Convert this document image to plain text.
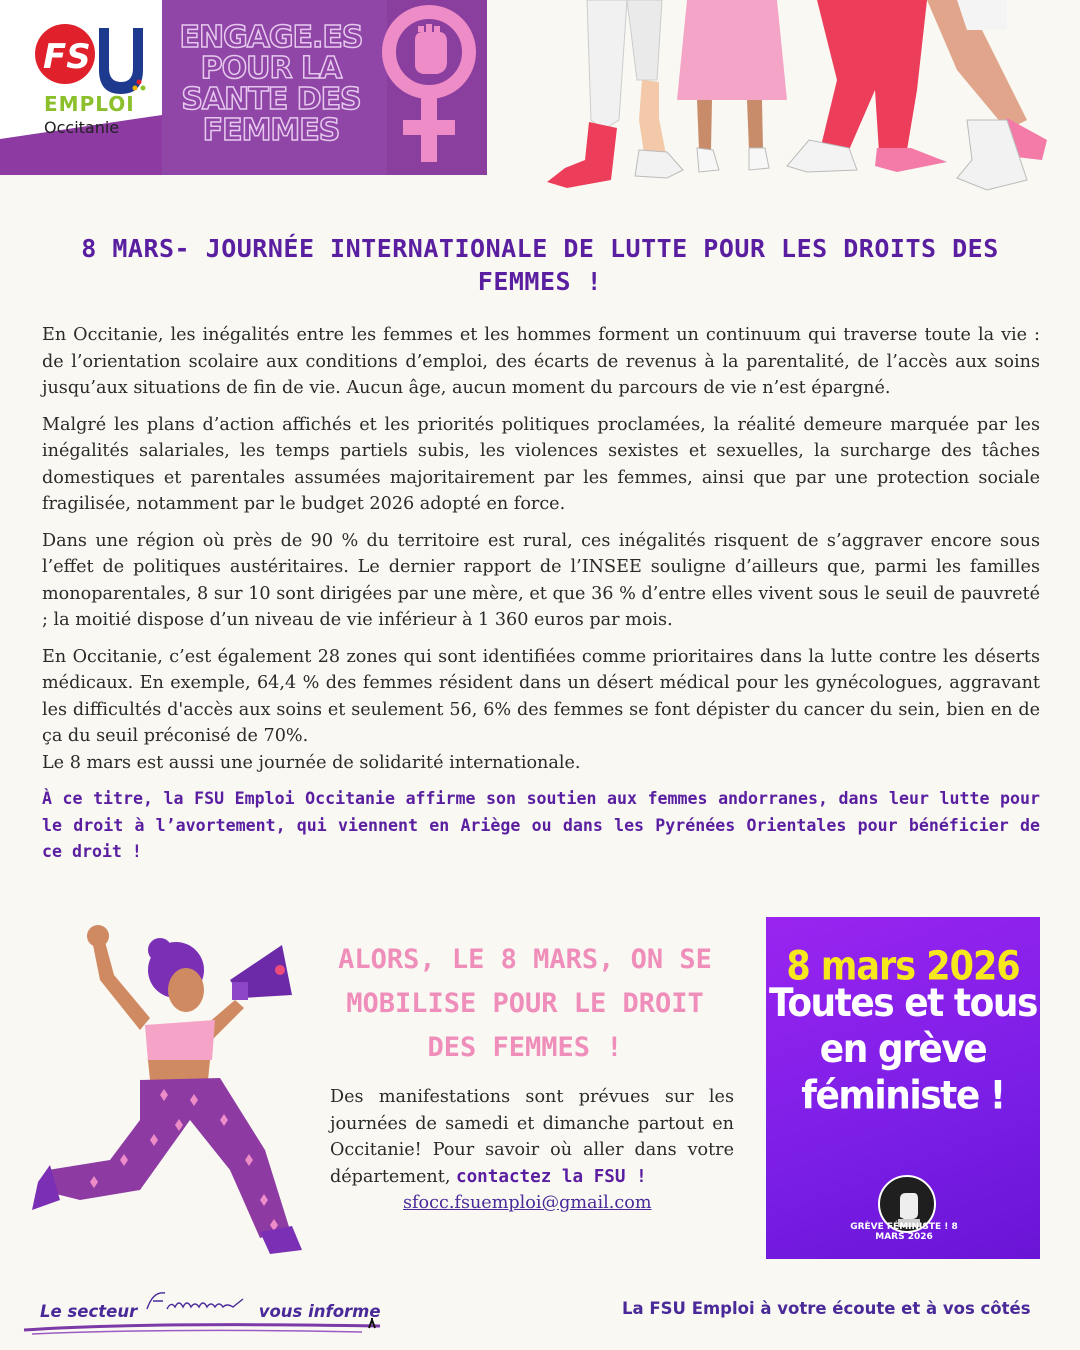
FS
EMPLOI
Occitanie
ENGAGE.ES POUR LA SANTE DES FEMMES
8 MARS- JOURNÉE INTERNATIONALE DE LUTTE POUR LES DROITS DES FEMMES !

En Occitanie, les inégalités entre les femmes et les hommes forment un continuum qui traverse toute la vie : de l’orientation scolaire aux conditions d’emploi, des écarts de revenus à la parentalité, de l’accès aux soins jusqu’aux situations de fin de vie. Aucun âge, aucun moment du parcours de vie n’est épargné.

Malgré les plans d’action affichés et les priorités politiques proclamées, la réalité demeure marquée par les inégalités salariales, les temps partiels subis, les violences sexistes et sexuelles, la surcharge des tâches domestiques et parentales assumées majoritairement par les femmes, ainsi que par une protection sociale fragilisée, notamment par le budget 2026 adopté en force.

Dans une région où près de 90 % du territoire est rural, ces inégalités risquent de s’aggraver encore sous l’effet de politiques austéritaires. Le dernier rapport de l’INSEE souligne d’ailleurs que, parmi les familles monoparentales, 8 sur 10 sont dirigées par une mère, et que 36 % d’entre elles vivent sous le seuil de pauvreté ; la moitié dispose d’un niveau de vie inférieur à 1 360 euros par mois.

En Occitanie, c’est également 28 zones qui sont identifiées comme prioritaires dans la lutte contre les déserts médicaux. En exemple, 64,4 % des femmes résident dans un désert médical pour les gynécologues, aggravant les difficultés d'accès aux soins et seulement 56, 6% des femmes se font dépister du cancer du sein, bien en de ça du seuil préconisé de 70%.

Le 8 mars est aussi une journée de solidarité internationale.

À ce titre, la FSU Emploi Occitanie affirme son soutien aux femmes andorranes, dans leur lutte pour le droit à l’avortement, qui viennent en Ariège ou dans les Pyrénées Orientales pour bénéficier de ce droit !

ALORS, LE 8 MARS, ON SE MOBILISE POUR LE DROIT DES FEMMES !
Des manifestations sont prévues sur les journées de samedi et dimanche partout en Occitanie! Pour savoir où aller dans votre département, contactez la FSU !
sfocc.fsuemploi@gmail.com
8 mars 2026
Toutes et tous en grève féministe !
GRÈVE FÉMINISTE ! 8 MARS 2026
Le secteur	vous informe	La FSU Emploi à votre écoute et à vos côtés
